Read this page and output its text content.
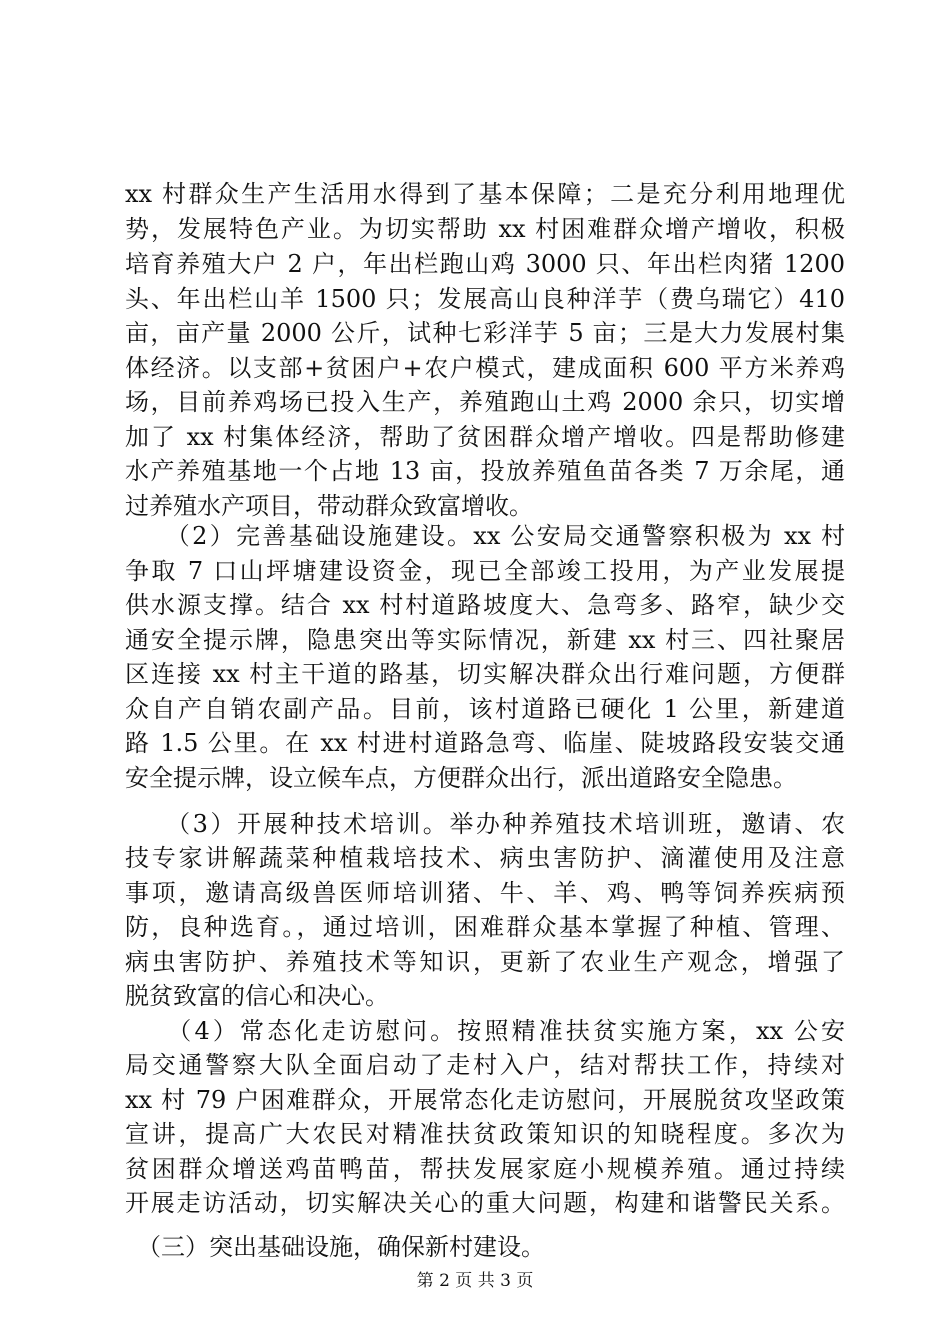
xx 村群众生产生活用水得到了基本保障；二是充分利用地理优
势，发展特色产业。为切实帮助 xx 村困难群众增产增收，积极
培育养殖大户 2 户，年出栏跑山鸡 3000 只、年出栏肉猪 1200
头、年出栏山羊 1500 只；发展高山良种洋芋（费乌瑞它）410
亩，亩产量 2000 公斤，试种七彩洋芋 5 亩；三是大力发展村集
体经济。以支部+贫困户+农户模式，建成面积 600 平方米养鸡
场，目前养鸡场已投入生产，养殖跑山土鸡 2000 余只，切实增
加了 xx 村集体经济，帮助了贫困群众增产增收。四是帮助修建
水产养殖基地一个占地 13 亩，投放养殖鱼苗各类 7 万余尾，通
过养殖水产项目，带动群众致富增收。
　　（2）完善基础设施建设。xx 公安局交通警察积极为 xx 村
争取 7 口山坪塘建设资金，现已全部竣工投用，为产业发展提
供水源支撑。结合 xx 村村道路坡度大、急弯多、路窄，缺少交
通安全提示牌，隐患突出等实际情况，新建 xx 村三、四社聚居
区连接 xx 村主干道的路基，切实解决群众出行难问题，方便群
众自产自销农副产品。目前，该村道路已硬化 1 公里，新建道
路 1.5 公里。在 xx 村进村道路急弯、临崖、陡坡路段安装交通
安全提示牌，设立候车点，方便群众出行，派出道路安全隐患。
　　（3）开展种技术培训。举办种养殖技术培训班，邀请、农
技专家讲解蔬菜种植栽培技术、病虫害防护、滴灌使用及注意
事项，邀请高级兽医师培训猪、牛、羊、鸡、鸭等饲养疾病预
防，良种选育。，通过培训，困难群众基本掌握了种植、管理、
病虫害防护、养殖技术等知识，更新了农业生产观念，增强了
脱贫致富的信心和决心。
　　（4）常态化走访慰问。按照精准扶贫实施方案，xx 公安
局交通警察大队全面启动了走村入户，结对帮扶工作，持续对
xx 村 79 户困难群众，开展常态化走访慰问，开展脱贫攻坚政策
宣讲，提高广大农民对精准扶贫政策知识的知晓程度。多次为
贫困群众增送鸡苗鸭苗，帮扶发展家庭小规模养殖。通过持续
开展走访活动，切实解决关心的重大问题，构建和谐警民关系。
　（三）突出基础设施，确保新村建设。
第 2 页 共 3 页
